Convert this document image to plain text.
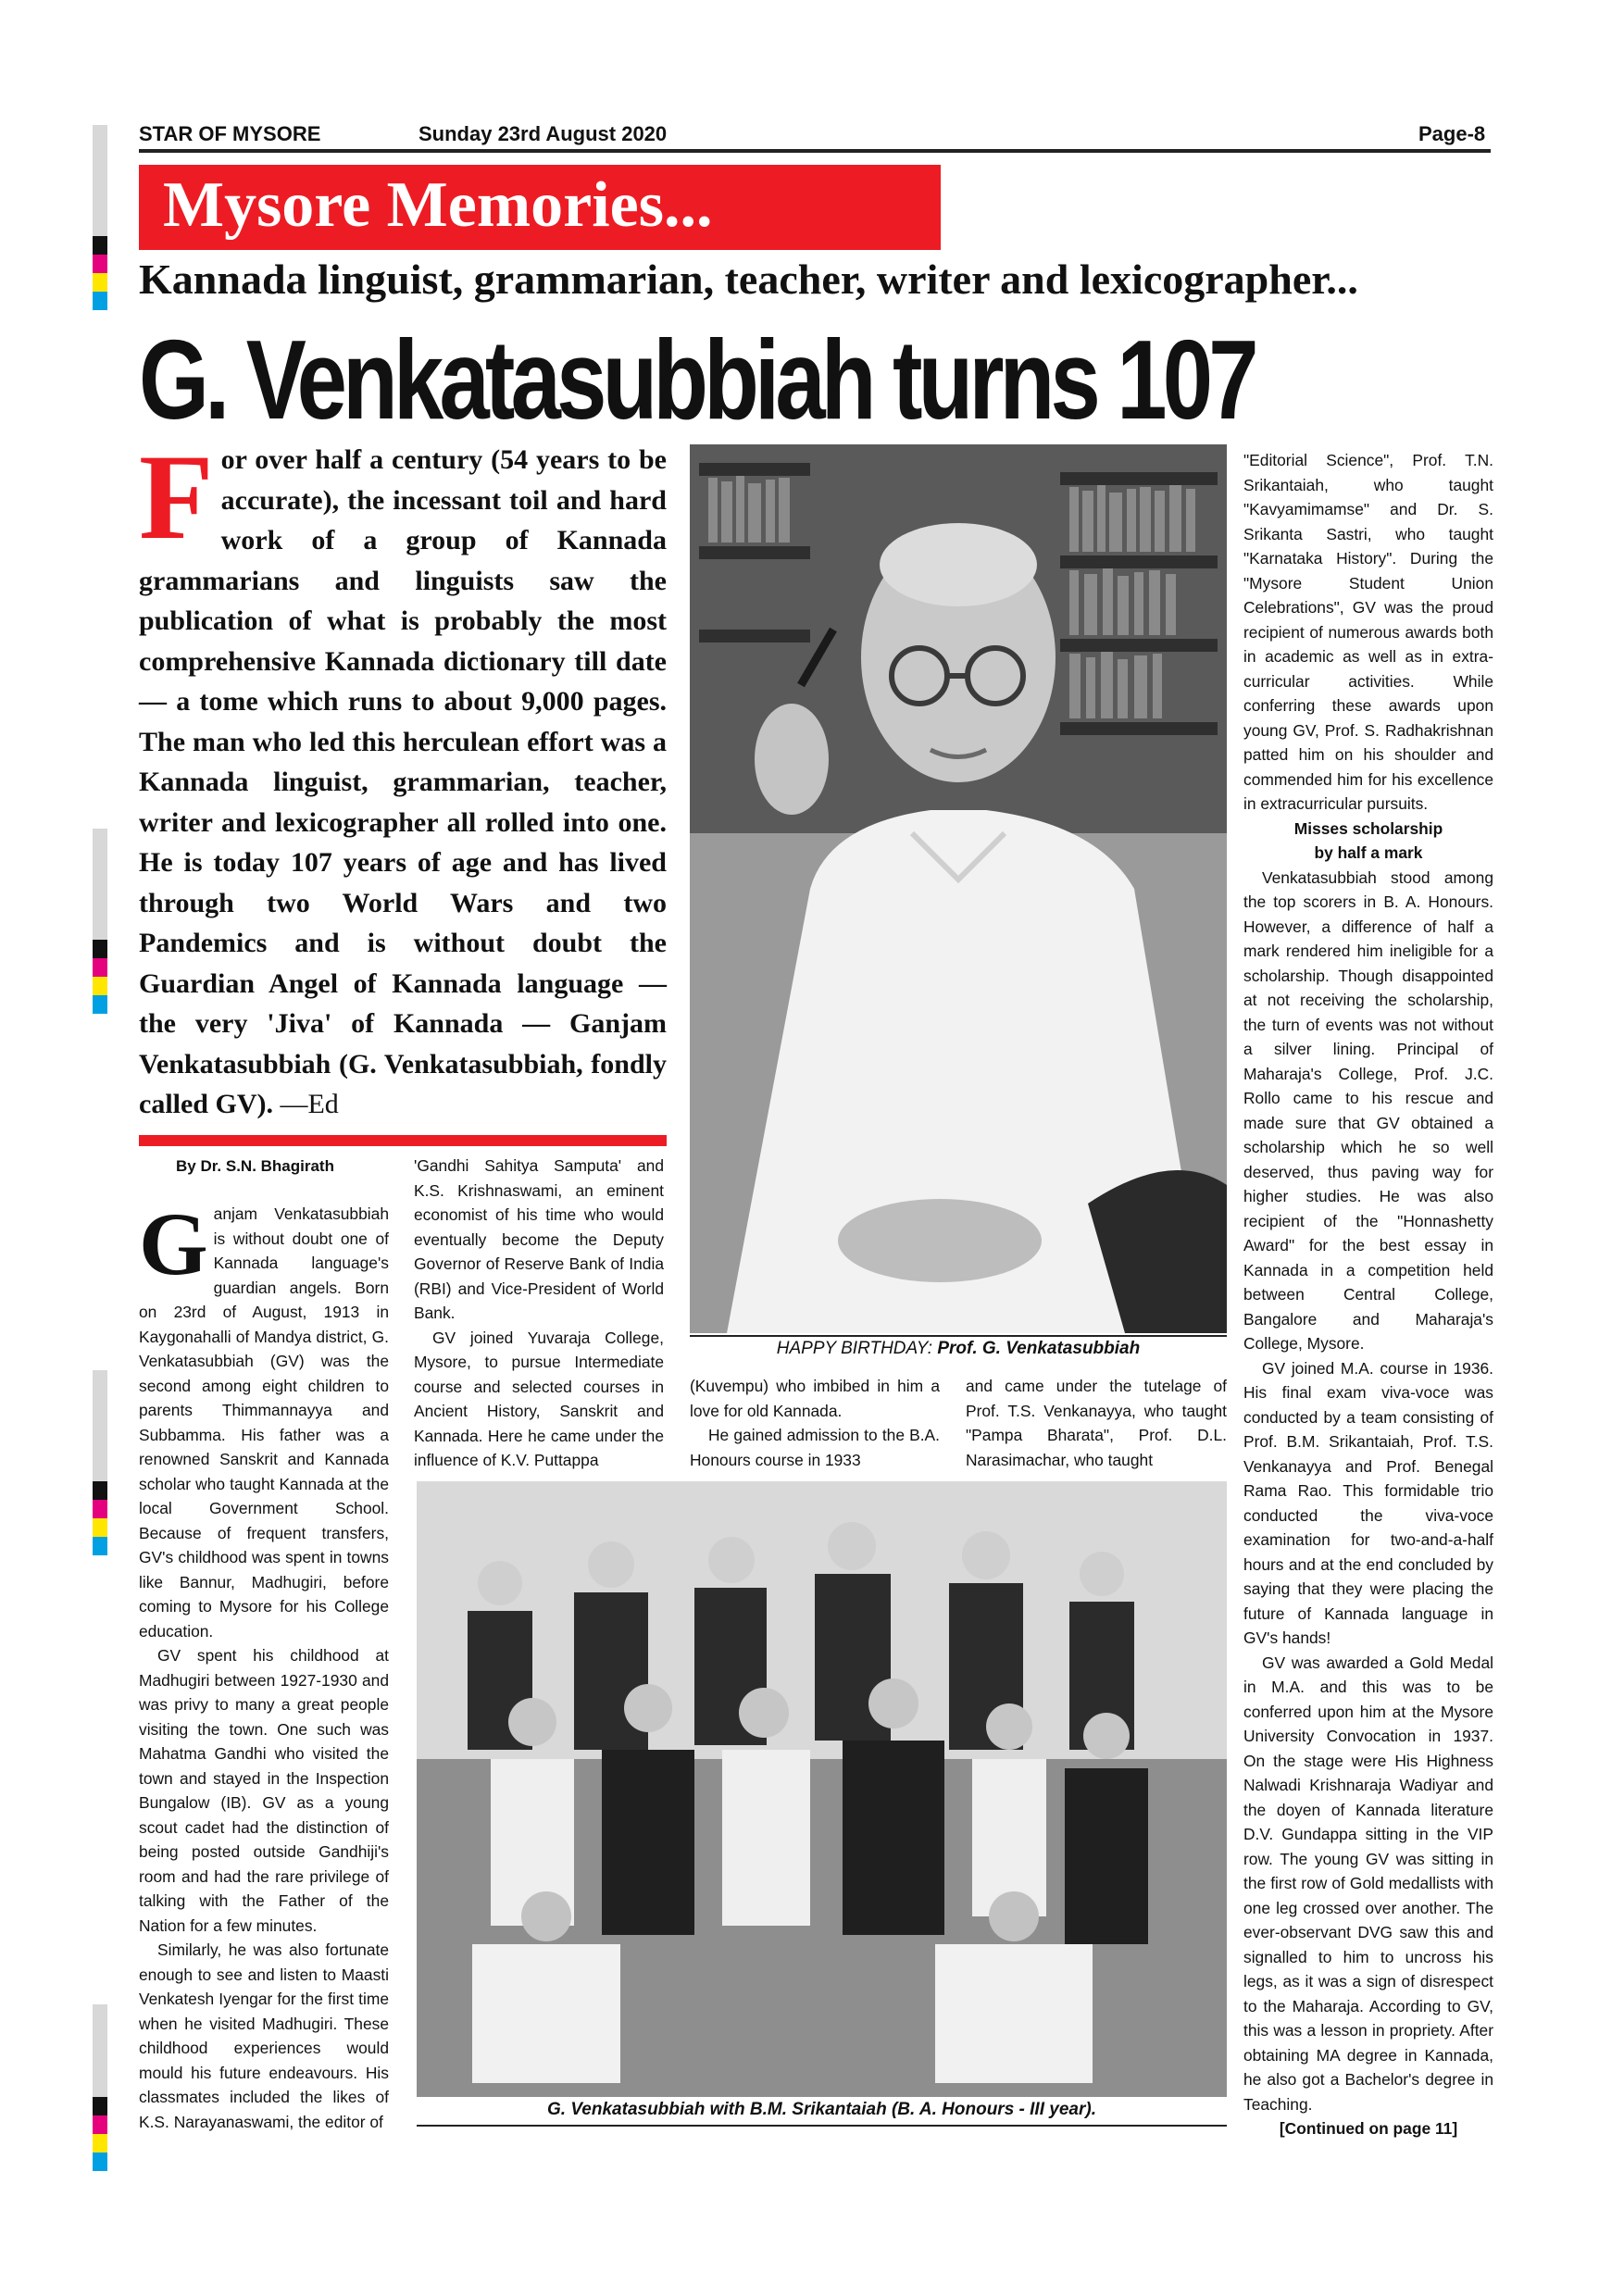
STAR OF MYSORE	Sunday 23rd August 2020	Page-8
Mysore Memories...
Kannada linguist, grammarian, teacher, writer and lexicographer...
G. Venkatasubbiah turns 107
For over half a century (54 years to be accurate), the incessant toil and hard work of a group of Kannada grammarians and linguists saw the publication of what is probably the most comprehensive Kannada dictionary till date — a tome which runs to about 9,000 pages. The man who led this herculean effort was a Kannada linguist, grammarian, teacher, writer and lexicographer all rolled into one. He is today 107 years of age and has lived through two World Wars and two Pandemics and is without doubt the Guardian Angel of Kannada language — the very 'Jiva' of Kannada — Ganjam Venkatasubbiah (G. Venkatasubbiah, fondly called GV). —Ed
By Dr. S.N. Bhagirath

Ganjam Venkatasubbiah is without doubt one of Kannada language's guardian angels. Born on 23rd of August, 1913 in Kaygonahalli of Mandya district, G. Venkatasubbiah (GV) was the second among eight children to parents Thimmannayya and Subbamma. His father was a renowned Sanskrit and Kannada scholar who taught Kannada at the local Government School. Because of frequent transfers, GV's childhood was spent in towns like Bannur, Madhugiri, before coming to Mysore for his College education.

GV spent his childhood at Madhugiri between 1927-1930 and was privy to many a great people visiting the town. One such was Mahatma Gandhi who visited the town and stayed in the Inspection Bungalow (IB). GV as a young scout cadet had the distinction of being posted outside Gandhiji's room and had the rare privilege of talking with the Father of the Nation for a few minutes.

Similarly, he was also fortunate enough to see and listen to Maasti Venkatesh Iyengar for the first time when he visited Madhugiri. These childhood experiences would mould his future endeavours. His classmates included the likes of K.S. Narayanaswami, the editor of

'Gandhi Sahitya Samputa' and K.S. Krishnaswami, an eminent economist of his time who would eventually become the Deputy Governor of Reserve Bank of India (RBI) and Vice-President of World Bank.

GV joined Yuvaraja College, Mysore, to pursue Intermediate course and selected courses in Ancient History, Sanskrit and Kannada. Here he came under the influence of K.V. Puttappa

HAPPY BIRTHDAY: Prof. G. Venkatasubbiah

(Kuvempu) who imbibed in him a love for old Kannada.

He gained admission to the B.A. Honours course in 1933

and came under the tutelage of Prof. T.S. Venkanayya, who taught "Pampa Bharata", Prof. D.L. Narasimachar, who taught

G. Venkatasubbiah with B.M. Srikantaiah (B. A. Honours - III year).

"Editorial Science", Prof. T.N. Srikantaiah, who taught "Kavyamimamse" and Dr. S. Srikanta Sastri, who taught "Karnataka History". During the "Mysore Student Union Celebrations", GV was the proud recipient of numerous awards both in academic as well as in extra-curricular activities. While conferring these awards upon young GV, Prof. S. Radhakrishnan patted him on his shoulder and commended him for his excellence in extracurricular pursuits.

Misses scholarship

by half a mark

Venkatasubbiah stood among the top scorers in B. A. Honours. However, a difference of half a mark rendered him ineligible for a scholarship. Though disappointed at not receiving the scholarship, the turn of events was not without a silver lining. Principal of Maharaja's College, Prof. J.C. Rollo came to his rescue and made sure that GV obtained a scholarship which he so well deserved, thus paving way for higher studies. He was also recipient of the "Honnashetty Award" for the best essay in Kannada in a competition held between Central College, Bangalore and Maharaja's College, Mysore.

GV joined M.A. course in 1936. His final exam viva-voce was conducted by a team consisting of Prof. B.M. Srikantaiah, Prof. T.S. Venkanayya and Prof. Benegal Rama Rao. This formidable trio conducted the viva-voce examination for two-and-a-half hours and at the end concluded by saying that they were placing the future of Kannada language in GV's hands!

GV was awarded a Gold Medal in M.A. and this was to be conferred upon him at the Mysore University Convocation in 1937. On the stage were His Highness Nalwadi Krishnaraja Wadiyar and the doyen of Kannada literature D.V. Gundappa sitting in the VIP row. The young GV was sitting in the first row of Gold medallists with one leg crossed over another. The ever-observant DVG saw this and signalled to him to uncross his legs, as it was a sign of disrespect to the Maharaja. According to GV, this was a lesson in propriety. After obtaining MA degree in Kannada, he also got a Bachelor's degree in Teaching.

[Continued on page 11]
